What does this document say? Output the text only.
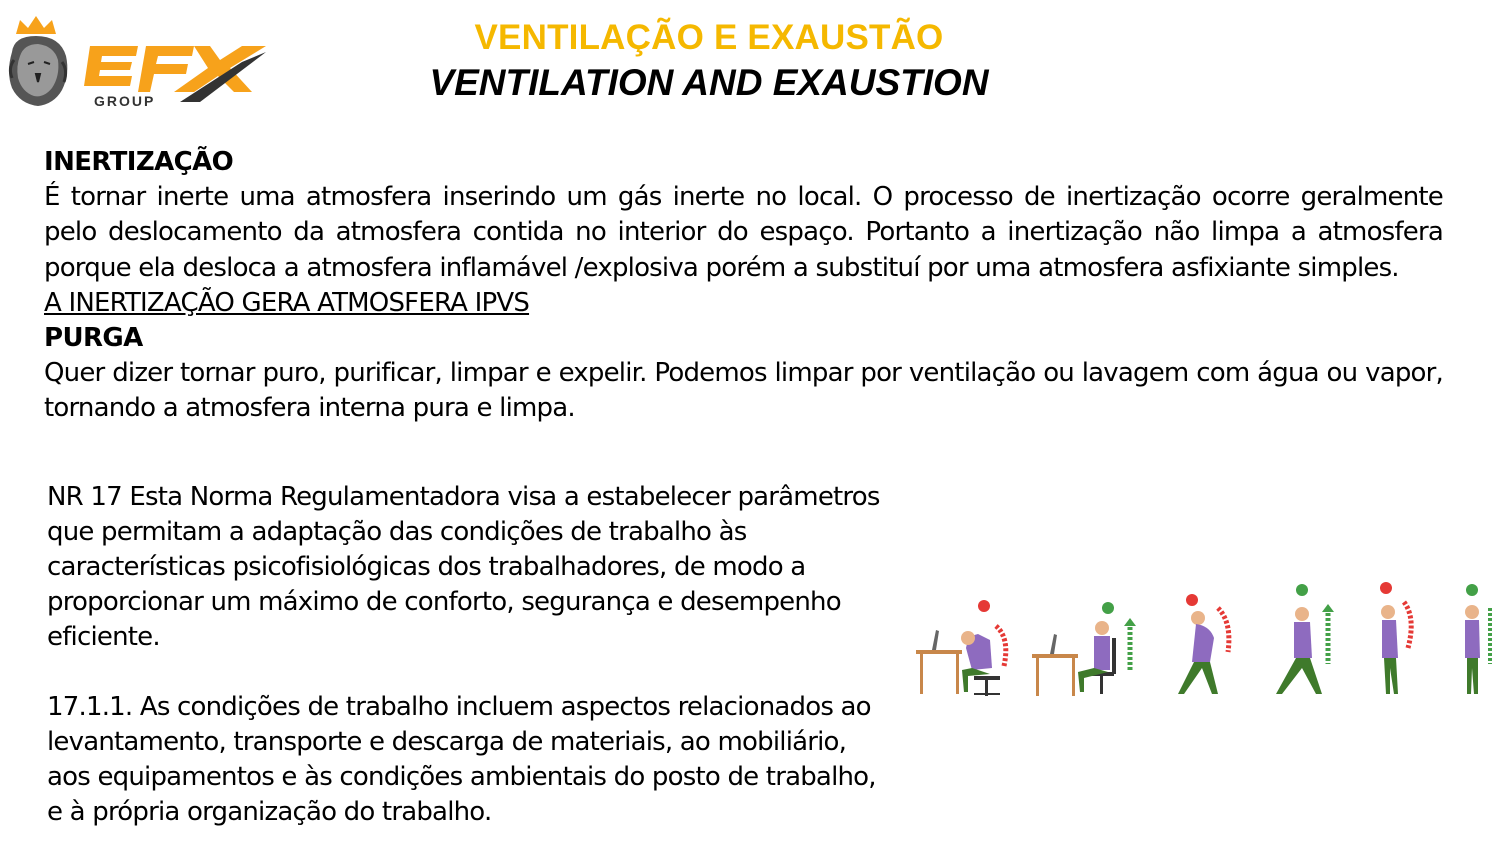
GROUP
VENTILAÇÃO E EXAUSTÃO
VENTILATION AND EXAUSTION

INERTIZAÇÃO

É tornar inerte uma atmosfera inserindo um gás inerte no local. O processo de inertização ocorre geralmente pelo deslocamento da atmosfera contida no interior do espaço. Portanto a inertização não limpa a atmosfera porque ela desloca a atmosfera inflamável /explosiva porém a substituí por uma atmosfera asfixiante simples.

A INERTIZAÇÃO GERA ATMOSFERA IPVS

PURGA

Quer dizer tornar puro, purificar, limpar e expelir. Podemos limpar por ventilação ou lavagem com água ou vapor, tornando a atmosfera interna pura e limpa.

NR 17 Esta Norma Regulamentadora visa a estabelecer parâmetros
que permitam a adaptação das condições de trabalho às
características psicofisiológicas dos trabalhadores, de modo a
proporcionar um máximo de conforto, segurança e desempenho
eficiente.
17.1.1. As condições de trabalho incluem aspectos relacionados ao
levantamento, transporte e descarga de materiais, ao mobiliário,
aos equipamentos e às condições ambientais do posto de trabalho,
e à própria organização do trabalho.
